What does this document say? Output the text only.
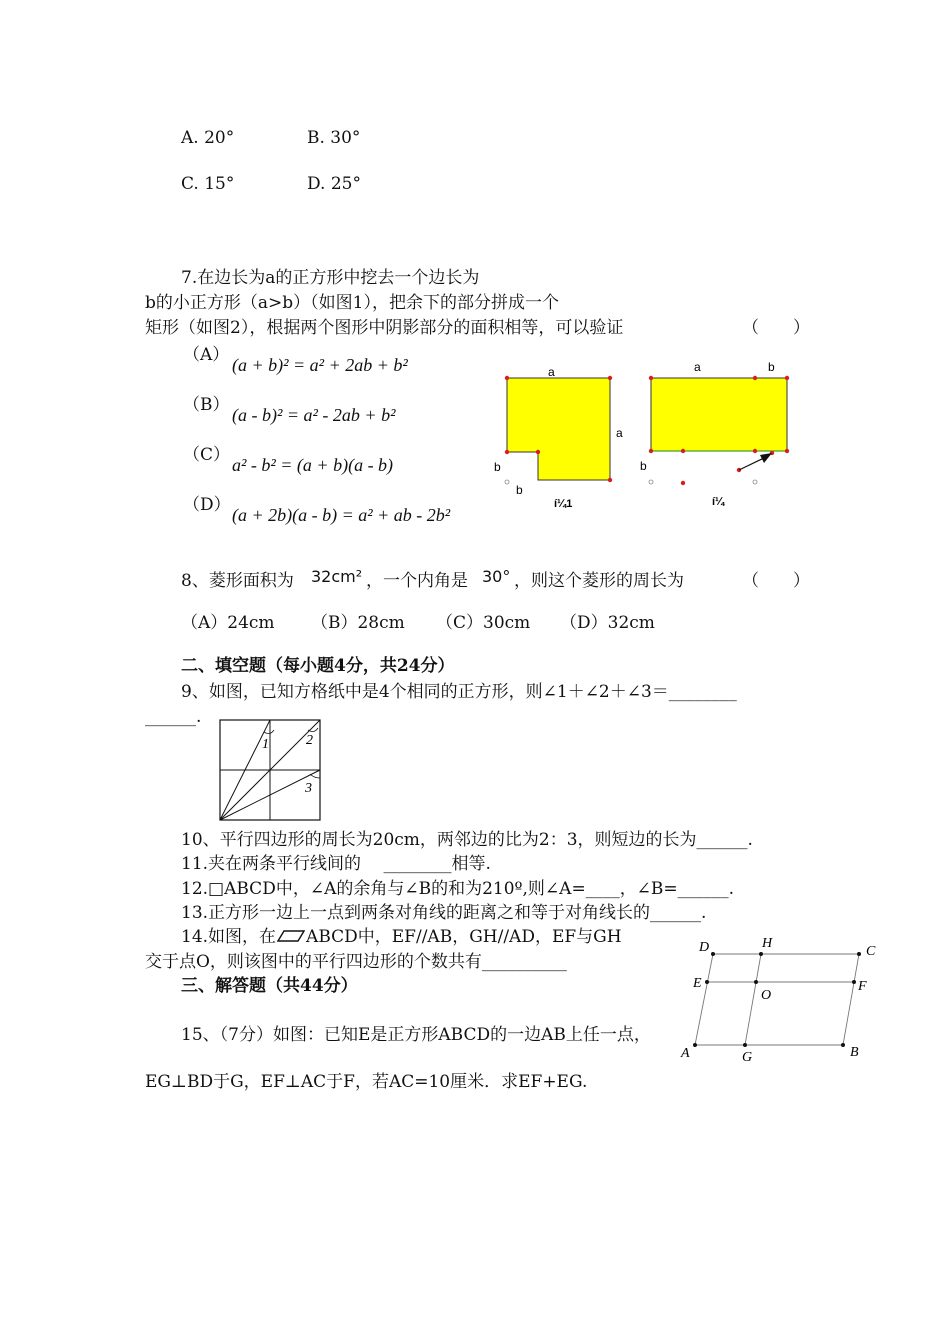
A. 20°	B. 30°
C. 15°	D. 25°
7.在边长为a的正方形中挖去一个边长为
b的小正方形（a>b）（如图1），把余下的部分拼成一个
矩形（如图2），根据两个图形中阴影部分的面积相等，可以验证	（　　）
（A） (a + b)² = a² + 2ab + b²
（B） (a - b)² = a² - 2ab + b²
（C） a² - b² = (a + b)(a - b)
（D） (a + 2b)(a - b) = a² + ab - 2b²
a
a
b
b
í¼1
a	b
b
í¼
8、菱形面积为 32cm² ，一个内角是 30° ，则这个菱形的周长为	（　　）
（A）24cm （B）28cm （C）30cm （D）32cm
二、填空题（每小题4分，共24分）
9、如图，已知方格纸中是4个相同的正方形，则∠1＋∠2＋∠3＝________
______.
1	2
3
10、平行四边形的周长为20cm，两邻边的比为2：3，则短边的长为______.
11.夹在两条平行线间的　 ________相等.
12.□ABCD中，∠A的余角与∠B的和为210º,则∠A=____，∠B=______.
13.正方形一边上一点到两条对角线的距离之和等于对角线长的______.
14.如图，在 ABCD中，EF//AB，GH//AD，EF与GH
交于点O，则该图中的平行四边形的个数共有__________
三、解答题（共44分）
D	H
C
E
O
F
A	G	B
15、（7分）如图：已知E是正方形ABCD的一边AB上任一点，
EG⊥BD于G，EF⊥AC于F，若AC=10厘米．求EF+EG.
